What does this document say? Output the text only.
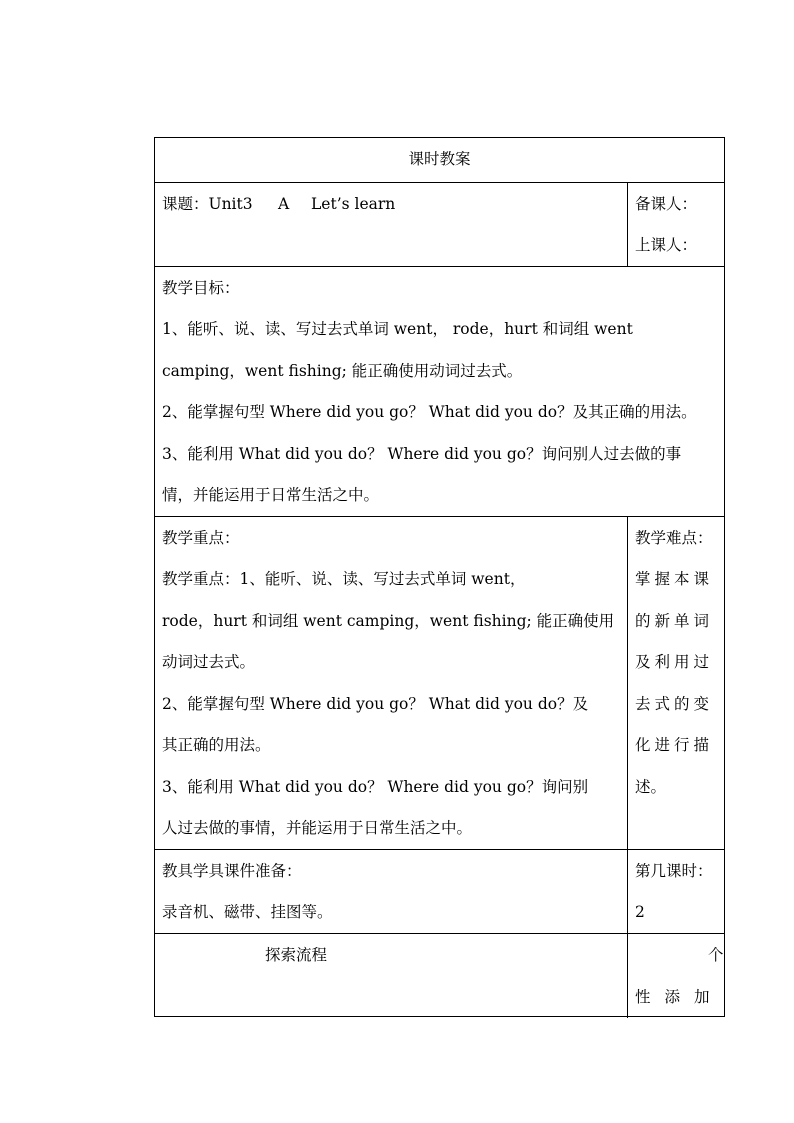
课时教案
课题：Unit3 A Let’s learn	备课人：
上课人：
教学目标：
1、能听、说、读、写过去式单词 went， rode，hurt 和词组 went
camping，went fishing; 能正确使用动词过去式。
2、能掌握句型 Where did you go？ What did you do？及其正确的用法。
3、能利用 What did you do？ Where did you go？询问别人过去做的事
情，并能运用于日常生活之中。
教学重点：
教学重点：1、能听、说、读、写过去式单词 went，
rode，hurt 和词组 went camping，went fishing; 能正确使用
动词过去式。
2、能掌握句型 Where did you go？ What did you do？及
其正确的用法。
3、能利用 What did you do？ Where did you go？询问别
人过去做的事情，并能运用于日常生活之中。
教学难点：
掌握本课
的新单词
及利用过
去式的变
化进行描
述。
教具学具课件准备：
录音机、磁带、挂图等。
第几课时：
2
探索流程	个
性添加
